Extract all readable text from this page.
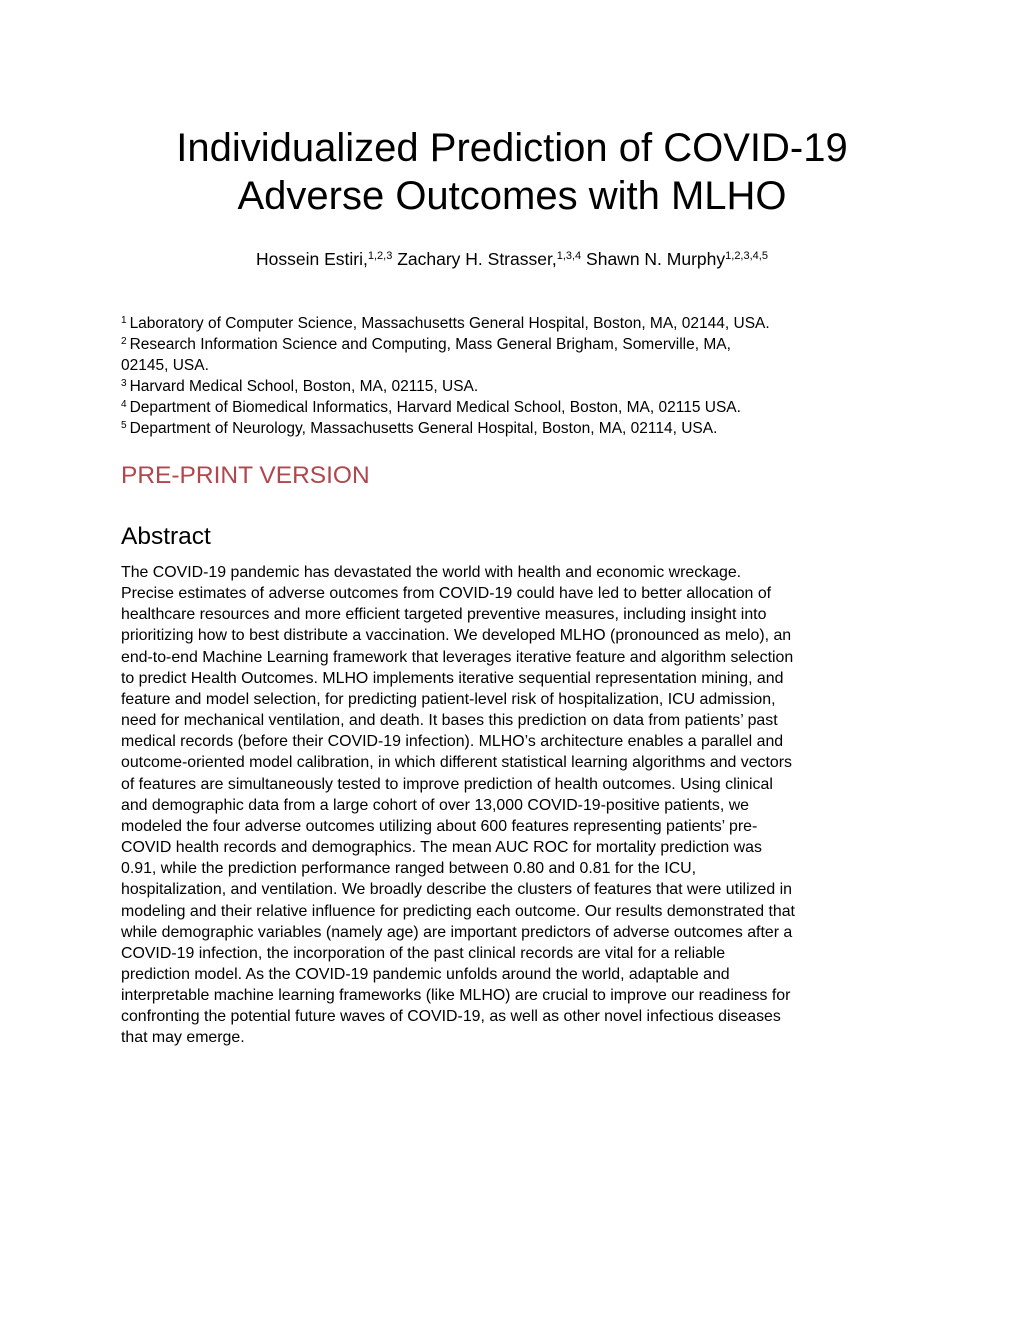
Individualized Prediction of COVID-19
Adverse Outcomes with MLHO
Hossein Estiri,$^{1,2,3}$ Zachary H. Strasser,$^{1,3,4}$ Shawn N. Murphy$^{1,2,3,4,5}$
$^1$ Laboratory of Computer Science, Massachusetts General Hospital, Boston, MA, 02144, USA.
$^2$ Research Information Science and Computing, Mass General Brigham, Somerville, MA,
02145, USA.
$^3$ Harvard Medical School, Boston, MA, 02115, USA.
$^4$ Department of Biomedical Informatics, Harvard Medical School, Boston, MA, 02115 USA.
$^5$ Department of Neurology, Massachusetts General Hospital, Boston, MA, 02114, USA.
PRE-PRINT VERSION
Abstract
The COVID-19 pandemic has devastated the world with health and economic wreckage.
Precise estimates of adverse outcomes from COVID-19 could have led to better allocation of
healthcare resources and more efficient targeted preventive measures, including insight into
prioritizing how to best distribute a vaccination. We developed MLHO (pronounced as melo), an
end-to-end Machine Learning framework that leverages iterative feature and algorithm selection
to predict Health Outcomes. MLHO implements iterative sequential representation mining, and
feature and model selection, for predicting patient-level risk of hospitalization, ICU admission,
need for mechanical ventilation, and death. It bases this prediction on data from patients’ past
medical records (before their COVID-19 infection). MLHO’s architecture enables a parallel and
outcome-oriented model calibration, in which different statistical learning algorithms and vectors
of features are simultaneously tested to improve prediction of health outcomes. Using clinical
and demographic data from a large cohort of over 13,000 COVID-19-positive patients, we
modeled the four adverse outcomes utilizing about 600 features representing patients’ pre-
COVID health records and demographics. The mean AUC ROC for mortality prediction was
0.91, while the prediction performance ranged between 0.80 and 0.81 for the ICU,
hospitalization, and ventilation. We broadly describe the clusters of features that were utilized in
modeling and their relative influence for predicting each outcome. Our results demonstrated that
while demographic variables (namely age) are important predictors of adverse outcomes after a
COVID-19 infection, the incorporation of the past clinical records are vital for a reliable
prediction model. As the COVID-19 pandemic unfolds around the world, adaptable and
interpretable machine learning frameworks (like MLHO) are crucial to improve our readiness for
confronting the potential future waves of COVID-19, as well as other novel infectious diseases
that may emerge.
